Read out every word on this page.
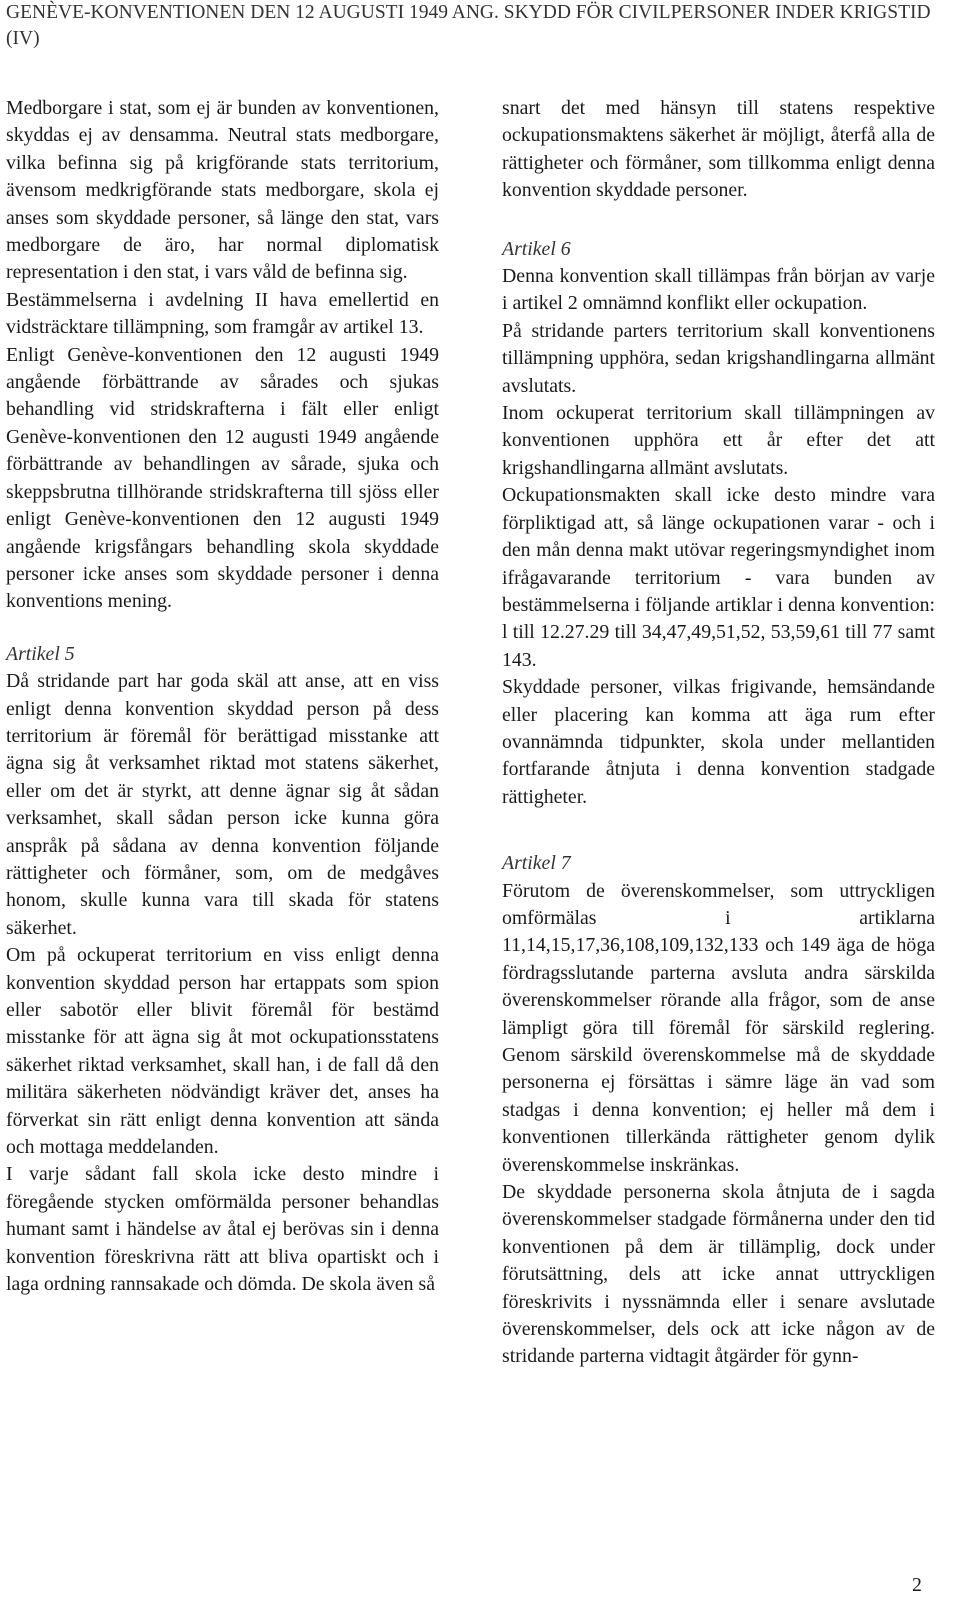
GENÈVE-KONVENTIONEN DEN 12 AUGUSTI 1949 ANG. SKYDD FÖR CIVILPERSONER INDER KRIGSTID (IV)

Medborgare i stat, som ej är bunden av konventionen, skyddas ej av densamma. Neutral stats medborgare, vilka befinna sig på krigförande stats territorium, ävensom medkrigförande stats medborgare, skola ej anses som skyddade personer, så länge den stat, vars medborgare de äro, har normal diplomatisk representation i den stat, i vars våld de befinna sig.

Bestämmelserna i avdelning II hava emellertid en vidsträcktare tillämpning, som framgår av artikel 13.

Enligt Genève-konventionen den 12 augusti 1949 angående förbättrande av sårades och sjukas behandling vid stridskrafterna i fält eller enligt Genève-konventionen den 12 augusti 1949 angående förbättrande av behandlingen av sårade, sjuka och skeppsbrutna tillhörande stridskrafterna till sjöss eller enligt Genève-konventionen den 12 augusti 1949 angående krigsfångars behandling skola skyddade personer icke anses som skyddade personer i denna konventions mening.

Artikel 5

Då stridande part har goda skäl att anse, att en viss enligt denna konvention skyddad person på dess territorium är föremål för berättigad misstanke att ägna sig åt verksamhet riktad mot statens säkerhet, eller om det är styrkt, att denne ägnar sig åt sådan verksamhet, skall sådan person icke kunna göra anspråk på sådana av denna konvention följande rättigheter och förmåner, som, om de medgåves honom, skulle kunna vara till skada för statens säkerhet.

Om på ockuperat territorium en viss enligt denna konvention skyddad person har ertappats som spion eller sabotör eller blivit föremål för bestämd misstanke för att ägna sig åt mot ockupationsstatens säkerhet riktad verksamhet, skall han, i de fall då den militära säkerheten nödvändigt kräver det, anses ha förverkat sin rätt enligt denna konvention att sända och mottaga meddelanden.

I varje sådant fall skola icke desto mindre i föregående stycken omförmälda personer behandlas humant samt i händelse av åtal ej berövas sin i denna konvention föreskrivna rätt att bliva opartiskt och i laga ordning rannsakade och dömda. De skola även så

snart det med hänsyn till statens respektive ockupationsmaktens säkerhet är möjligt, återfå alla de rättigheter och förmåner, som tillkomma enligt denna konvention skyddade personer.

Artikel 6

Denna konvention skall tillämpas från början av varje i artikel 2 omnämnd konflikt eller ockupation.

På stridande parters territorium skall konventionens tillämpning upphöra, sedan krigshandlingarna allmänt avslutats.

Inom ockuperat territorium skall tillämpningen av konventionen upphöra ett år efter det att krigshandlingarna allmänt avslutats.

Ockupationsmakten skall icke desto mindre vara förpliktigad att, så länge ockupationen varar - och i den mån denna makt utövar regeringsmyndighet inom ifrågavarande territorium - vara bunden av bestämmelserna i följande artiklar i denna konvention: l till 12.27.29 till 34,47,49,51,52, 53,59,61 till 77 samt 143.

Skyddade personer, vilkas frigivande, hemsändande eller placering kan komma att äga rum efter ovannämnda tidpunkter, skola under mellantiden fortfarande åtnjuta i denna konvention stadgade rättigheter.

Artikel 7

Förutom de överenskommelser, som uttryckligen omförmälas i artiklarna 11,14,15,17,36,108,109,132,133 och 149 äga de höga fördragsslutande parterna avsluta andra särskilda överenskommelser rörande alla frågor, som de anse lämpligt göra till föremål för särskild reglering. Genom särskild överenskommelse må de skyddade personerna ej försättas i sämre läge än vad som stadgas i denna konvention; ej heller må dem i konventionen tillerkända rättigheter genom dylik överenskommelse inskränkas.

De skyddade personerna skola åtnjuta de i sagda överenskommelser stadgade förmånerna under den tid konventionen på dem är tillämplig, dock under förutsättning, dels att icke annat uttryckligen föreskrivits i nyssnämnda eller i senare avslutade överenskommelser, dels ock att icke någon av de stridande parterna vidtagit åtgärder för gynn-

2
